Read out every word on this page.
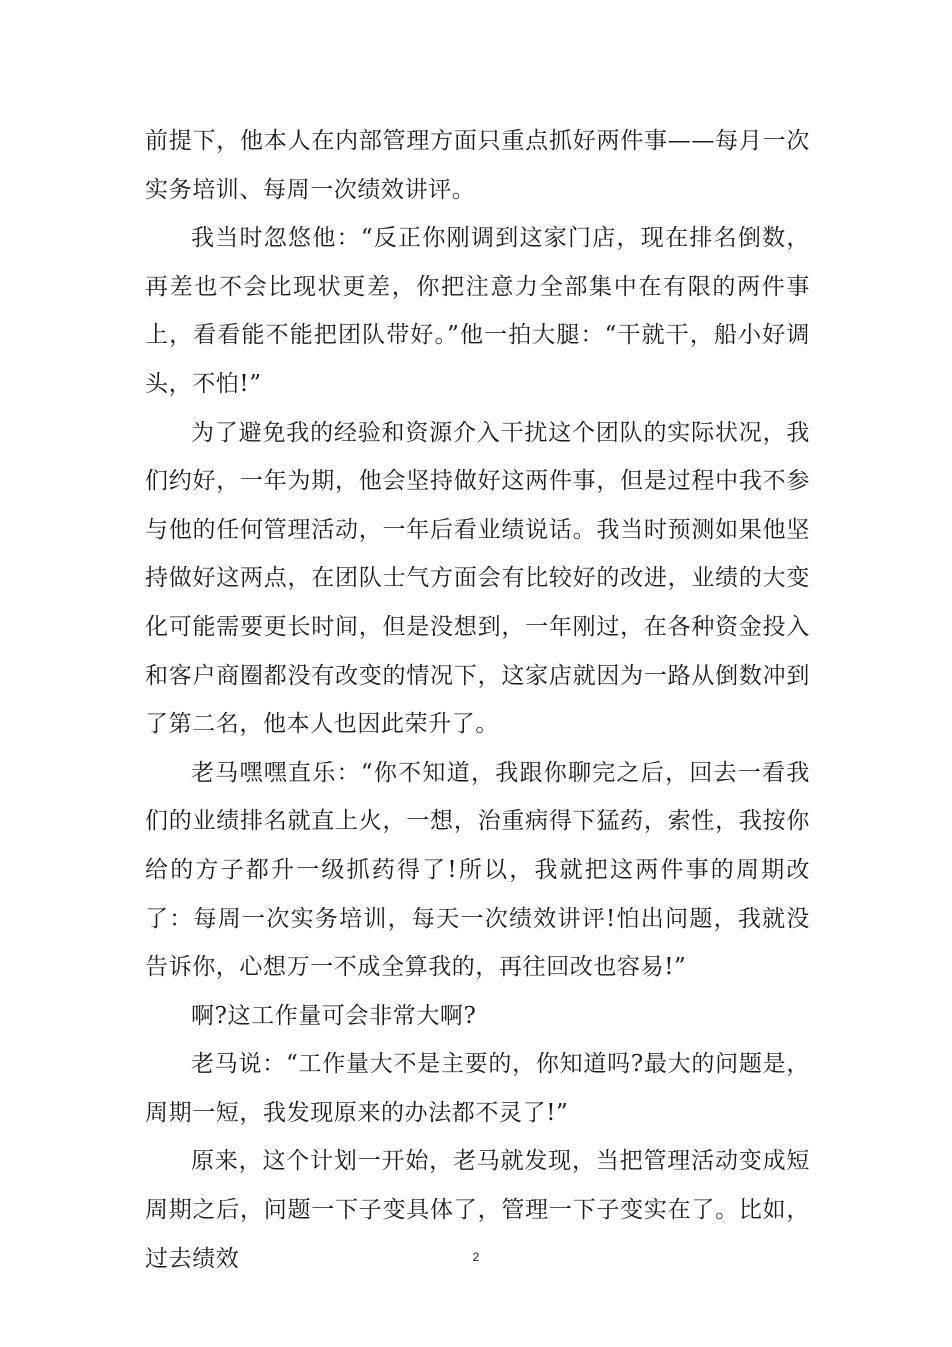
前提下，他本人在内部管理方面只重点抓好两件事——每月一次实务培训、每周一次绩效讲评。

我当时忽悠他：“反正你刚调到这家门店，现在排名倒数，再差也不会比现状更差，你把注意力全部集中在有限的两件事上，看看能不能把团队带好。”他一拍大腿：“干就干，船小好调头，不怕!”

为了避免我的经验和资源介入干扰这个团队的实际状况，我们约好，一年为期，他会坚持做好这两件事，但是过程中我不参与他的任何管理活动，一年后看业绩说话。我当时预测如果他坚持做好这两点，在团队士气方面会有比较好的改进，业绩的大变化可能需要更长时间，但是没想到，一年刚过，在各种资金投入和客户商圈都没有改变的情况下，这家店就因为一路从倒数冲到了第二名，他本人也因此荣升了。

老马嘿嘿直乐：“你不知道，我跟你聊完之后，回去一看我们的业绩排名就直上火，一想，治重病得下猛药，索性，我按你给的方子都升一级抓药得了!所以，我就把这两件事的周期改了：每周一次实务培训，每天一次绩效讲评!怕出问题，我就没告诉你，心想万一不成全算我的，再往回改也容易!”

啊?这工作量可会非常大啊?

老马说：“工作量大不是主要的，你知道吗?最大的问题是，周期一短，我发现原来的办法都不灵了!”

原来，这个计划一开始，老马就发现，当把管理活动变成短周期之后，问题一下子变具体了，管理一下子变实在了。比如，过去绩效	2
